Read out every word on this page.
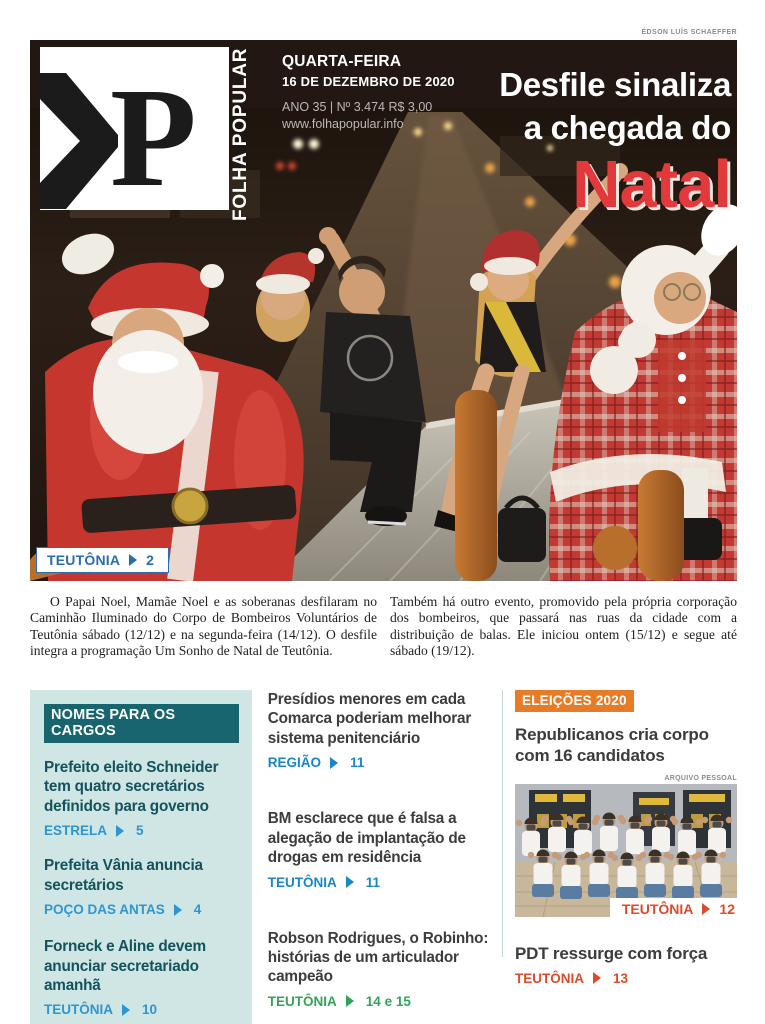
ÉDSON LUÍS SCHAEFFER
P FOLHA POPULAR QUARTA-FEIRA
16 DE DEZEMBRO DE 2020
ANO 35 | Nº 3.474 R$ 3,00
www.folhapopular.info
Desfile sinaliza
a chegada do
Natal
TEUTÔNIA 2

O Papai Noel, Mamãe Noel e as soberanas desfilaram no Caminhão Iluminado do Corpo de Bombeiros Voluntários de Teutônia sábado (12/12) e na segunda-feira (14/12). O desfile integra a programação Um Sonho de Natal de Teutônia.

Também há outro evento, promovido pela própria corporação dos bombeiros, que passará nas ruas da cidade com a distribuição de balas. Ele iniciou ontem (15/12) e segue até sábado (19/12).

NOMES PARA OS CARGOS
Prefeito eleito Schneider tem quatro secretários definidos para governo
ESTRELA 5
Prefeita Vânia anuncia secretários
POÇO DAS ANTAS 4
Forneck e Aline devem anunciar secretariado amanhã
TEUTÔNIA 10
Presídios menores em cada Comarca poderiam melhorar sistema penitenciário
REGIÃO 11
BM esclarece que é falsa a alegação de implantação de drogas em residência
TEUTÔNIA 11
Robson Rodrigues, o Robinho: histórias de um articulador campeão
TEUTÔNIA 14 e 15
ELEIÇÕES 2020
Republicanos cria corpo com 16 candidatos
ARQUIVO PESSOAL
TEUTÔNIA 12
PDT ressurge com força
TEUTÔNIA 13
